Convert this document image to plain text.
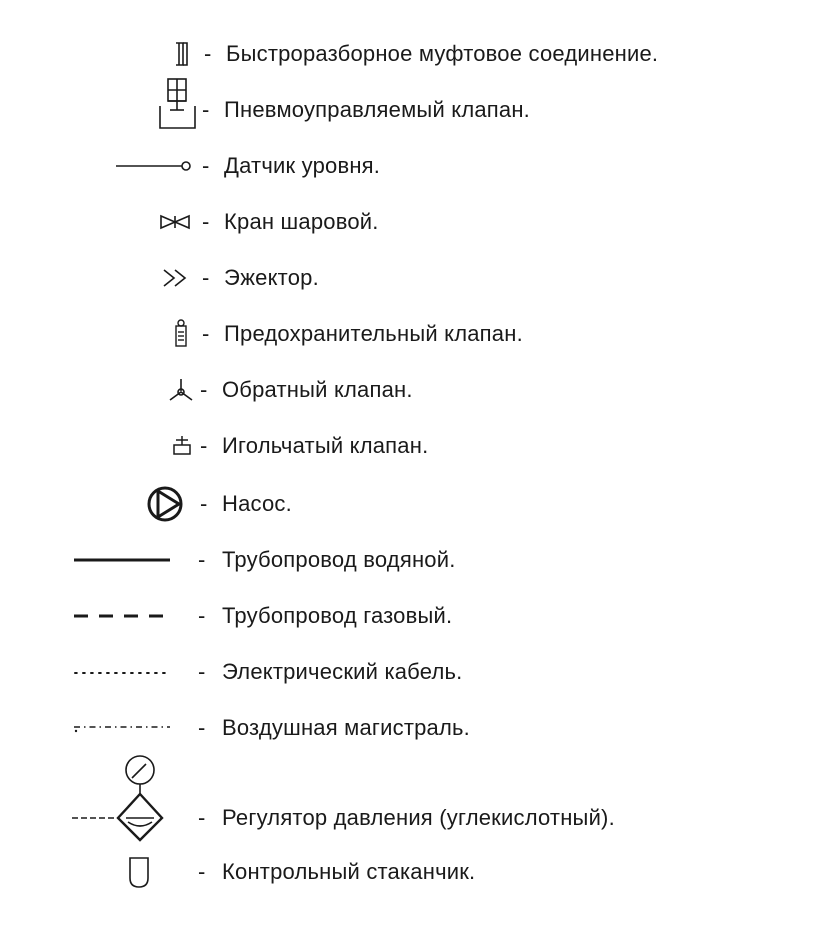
- Быстроразборное муфтовое соединение.
- Пневмоуправляемый клапан.
- Датчик уровня.
- Кран шаровой.
- Эжектор.
- Предохранительный клапан.
- Обратный клапан.
- Игольчатый клапан.
- Насос.
- Трубопровод водяной.
- Трубопровод газовый.
- Электрический кабель.
- Воздушная магистраль.
- Регулятор давления (углекислотный).
- Контрольный стаканчик.
